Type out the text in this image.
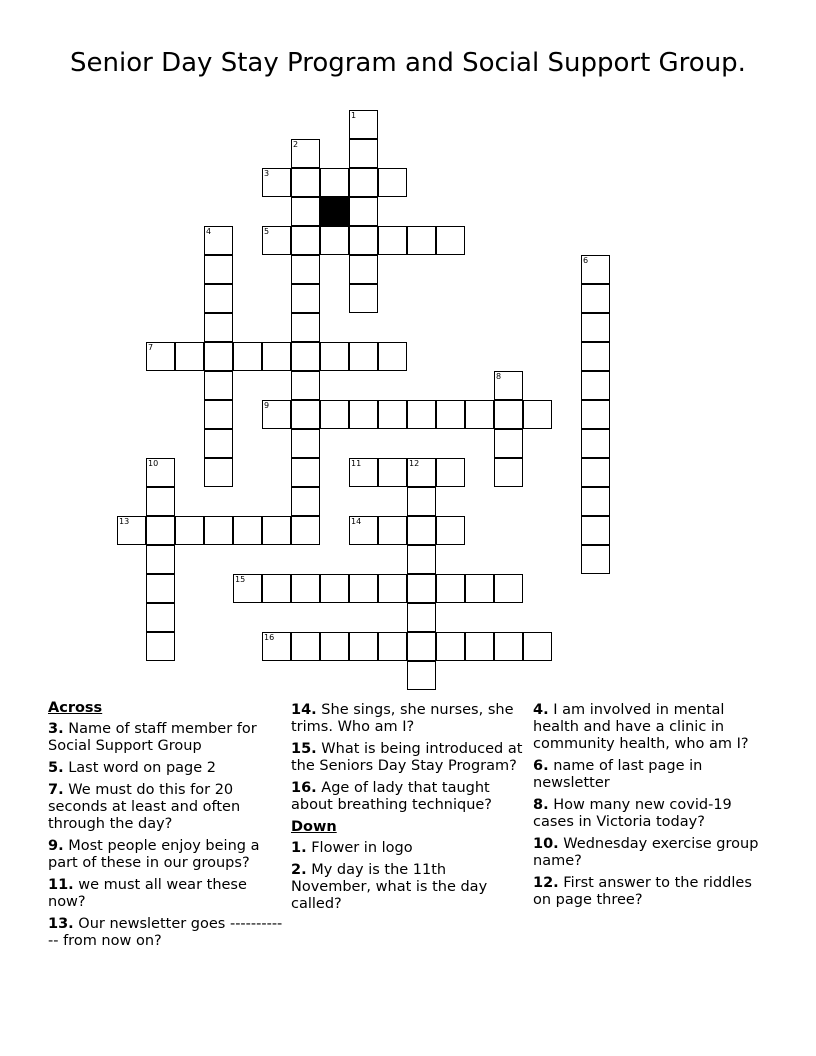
Senior Day Stay Program and Social Support Group.
1
2
3
4	5
6
7
8
9
10	11	12
13	14
15
16
Across
3. Name of staff member for Social Support Group
5. Last word on page 2
7. We must do this for 20 seconds at least and often through the day?
9. Most people enjoy being a part of these in our groups?
11. we must all wear these now?
13. Our newsletter goes ------------ from now on?
14. She sings, she nurses, she trims. Who am I?
15. What is being introduced at the Seniors Day Stay Program?
16. Age of lady that taught about breathing technique?
Down
1. Flower in logo
2. My day is the 11th November, what is the day called?
4. I am involved in mental health and have a clinic in community health, who am I?
6. name of last page in newsletter
8. How many new covid-19 cases in Victoria today?
10. Wednesday exercise group name?
12. First answer to the riddles on page three?
